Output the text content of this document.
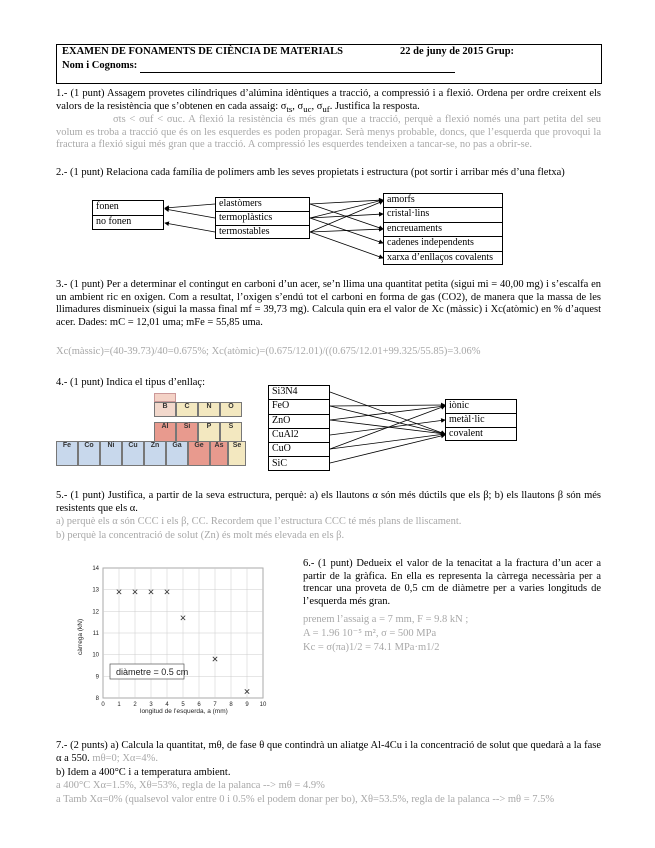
EXAMEN DE FONAMENTS DE CIÈNCIA DE MATERIALS	22 de juny de 2015 Grup:
Nom i Cognoms:
1.- (1 punt) Assagem provetes cilíndriques d’alúmina idèntiques a tracció, a compressió i a flexió. Ordena per ordre creixent els valors de la resistència que s’obtenen en cada assaig: $\sigma_{ts}$, $\sigma_{uc}$, $\sigma_{uf}$. Justifica la resposta.
σts < σuf < σuc. A flexió la resistència és més gran que a tracció, perquè a flexió només una part petita del seu volum es troba a tracció que és on les esquerdes es poden propagar. Serà menys probable, doncs, que l’esquerda que provoqui la fractura a flexió sigui més gran que a tracció. A compressió les esquerdes tendeixen a tancar-se, no pas a obrir-se.
2.- (1 punt) Relaciona cada família de polímers amb les seves propietats i estructura (pot sortir i arribar més d’una fletxa)
fonen
no fonen
elastòmers
termoplàstics
termostables
amorfs
cristal·lins
encreuaments
cadenes independents
xarxa d’enllaços covalents
3.- (1 punt) Per a determinar el contingut en carboni d’un acer, se’n llima una quantitat petita (sigui mi = 40,00 mg) i s’escalfa en un ambient ric en oxigen. Com a resultat, l’oxigen s’endú tot el carboni en forma de gas (CO2), de manera que la massa de les llimadures disminueix (sigui la massa final mf = 39,73 mg). Calcula quin era el valor de Xc (màssic) i Xc(atòmic) en % d’aquest acer. Dades: mC = 12,01 uma; mFe = 55,85 uma.
Xc(màssic)=(40-39.73)/40=0.675%; Xc(atòmic)=(0.675/12.01)/((0.675/12.01+99.325/55.85)=3.06%
4.- (1 punt) Indica el tipus d’enllaç:
B	C	N	O
Al	Si	P	S
Fe	Co	Ni	Cu	Zn	Ga	Ge	As	Se
Si3N4
FeO
ZnO
CuAl2
CuO
SiC
iònic
metàl·lic
covalent
5.- (1 punt) Justifica, a partir de la seva estructura, perquè: a) els llautons α són més dúctils que els β; b) els llautons β són més resistents que els α.
a) perquè els α són CCC i els β, CC. Recordem que l’estructura CCC té més plans de lliscament.
b) perquè la concentració de solut (Zn) és molt més elevada en els β.
0 1 2 3 4 5 6 7 8 9 10
8
9
10
11
12
13
14
diàmetre = 0.5 cm
longitud de l’esquerda, a (mm)
càrrega (kN)
6.- (1 punt) Dedueix el valor de la tenacitat a la fractura d’un acer a partir de la gràfica. En ella es representa la càrrega necessària per a trencar una proveta de 0,5 cm de diàmetre per a varies longituds de l’esquerda més gran.
prenem l’assaig a = 7 mm, F = 9.8 kN ;
A = 1.96 10⁻⁵ m², σ = 500 MPa
Kc = σ(πa)1/2 = 74.1 MPa·m1/2
7.- (2 punts) a) Calcula la quantitat, mθ, de fase θ que contindrà un aliatge Al-4Cu i la concentració de solut que quedarà a la fase α a 550. mθ=0; Xα=4%.
b) Idem a 400°C i a temperatura ambient.
a 400°C Xα=1.5%, Xθ=53%, regla de la palanca --> mθ = 4.9%
a Tamb Xα=0% (qualsevol valor entre 0 i 0.5% el podem donar per bo), Xθ=53.5%, regla de la palanca --> mθ = 7.5%
